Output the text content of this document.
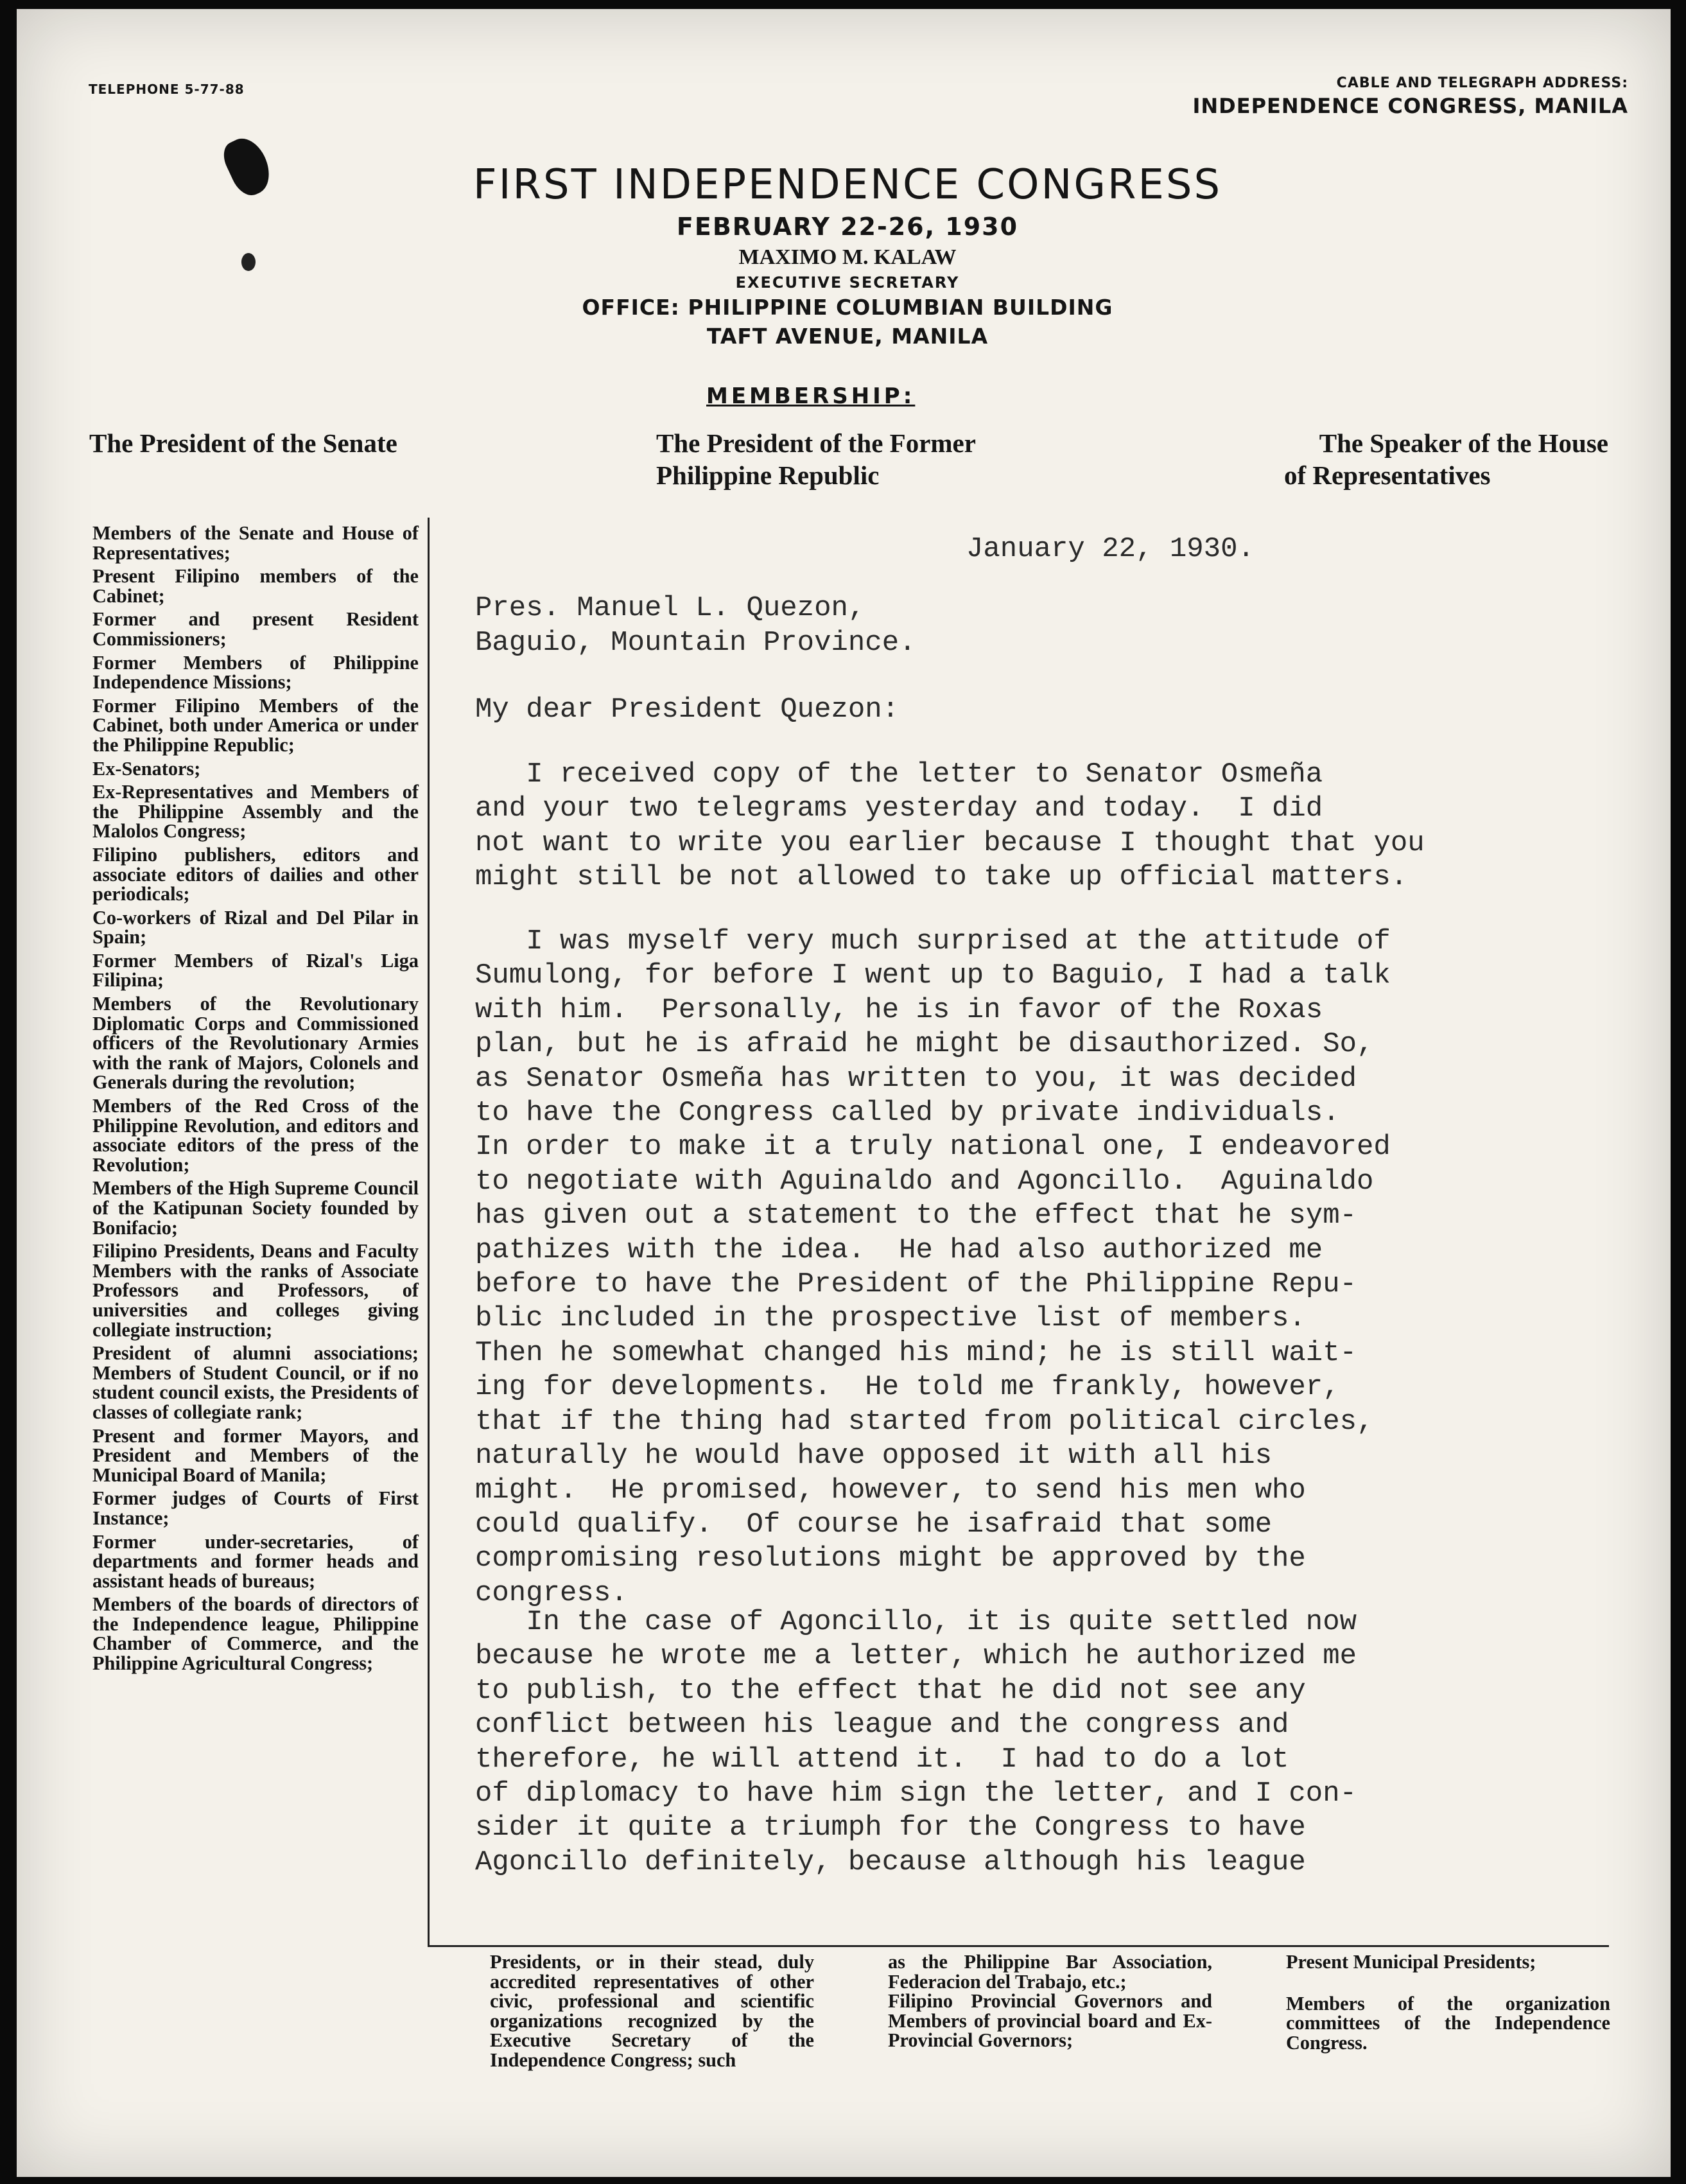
TELEPHONE 5-77-88	CABLE AND TELEGRAPH ADDRESS:
INDEPENDENCE CONGRESS, MANILA
FIRST INDEPENDENCE CONGRESS
FEBRUARY 22-26, 1930
MAXIMO M. KALAW
EXECUTIVE SECRETARY
OFFICE: PHILIPPINE COLUMBIAN BUILDING
TAFT AVENUE, MANILA
MEMBERSHIP:
The President of the Senate	The President of the Former
Philippine Republic
The Speaker of the House
of Representatives
Members of the Senate and House of Representatives;
Present Filipino members of the Cabinet;
Former and present Resident Commissioners;
Former Members of Philippine Independence Missions;
Former Filipino Members of the Cabinet, both under America or under the Philippine Republic;
Ex-Senators;
Ex-Representatives and Members of the Philippine Assembly and the Malolos Congress;
Filipino publishers, editors and associate editors of dailies and other periodicals;
Co-workers of Rizal and Del Pilar in Spain;
Former Members of Rizal's Liga Filipina;
Members of the Revolutionary Diplomatic Corps and Commissioned officers of the Revolutionary Armies with the rank of Majors, Colonels and Generals during the revolution;
Members of the Red Cross of the Philippine Revolution, and editors and associate editors of the press of the Revolution;
Members of the High Supreme Council of the Katipunan Society founded by Bonifacio;
Filipino Presidents, Deans and Faculty Members with the ranks of Associate Professors and Professors, of universities and colleges giving collegiate instruction;
President of alumni associations; Members of Student Council, or if no student council exists, the Presidents of classes of collegiate rank;
Present and former Mayors, and President and Members of the Municipal Board of Manila;
Former judges of Courts of First Instance;
Former under-secretaries, of departments and former heads and assistant heads of bureaus;
Members of the boards of directors of the Independence league, Philippine Chamber of Commerce, and the Philippine Agricultural Congress;

Presidents, or in their stead, duly accredited representatives of other civic, professional and scientific organizations recognized by the Executive Secretary of the Independence Congress; such

as the Philippine Bar Association, Federacion del Trabajo, etc.;

Filipino Provincial Governors and Members of provincial board and Ex-Provincial Governors;

Present Municipal Presidents;

Members of the organization committees of the Independence Congress.

January 22, 1930.
Pres. Manuel L. Quezon,
Baguio, Mountain Province.
My dear President Quezon:
I received copy of the letter to Senator Osmeña
and your two telegrams yesterday and today.  I did
not want to write you earlier because I thought that you
might still be not allowed to take up official matters.
I was myself very much surprised at the attitude of
Sumulong, for before I went up to Baguio, I had a talk
with him.  Personally, he is in favor of the Roxas
plan, but he is afraid he might be disauthorized. So,
as Senator Osmeña has written to you, it was decided
to have the Congress called by private individuals.
In order to make it a truly national one, I endeavored
to negotiate with Aguinaldo and Agoncillo.  Aguinaldo
has given out a statement to the effect that he sym-
pathizes with the idea.  He had also authorized me
before to have the President of the Philippine Repu-
blic included in the prospective list of members.
Then he somewhat changed his mind; he is still wait-
ing for developments.  He told me frankly, however,
that if the thing had started from political circles,
naturally he would have opposed it with all his
might.  He promised, however, to send his men who
could qualify.  Of course he isafraid that some
compromising resolutions might be approved by the
congress.
In the case of Agoncillo, it is quite settled now
because he wrote me a letter, which he authorized me
to publish, to the effect that he did not see any
conflict between his league and the congress and
therefore, he will attend it.  I had to do a lot
of diplomacy to have him sign the letter, and I con-
sider it quite a triumph for the Congress to have
Agoncillo definitely, because although his league
